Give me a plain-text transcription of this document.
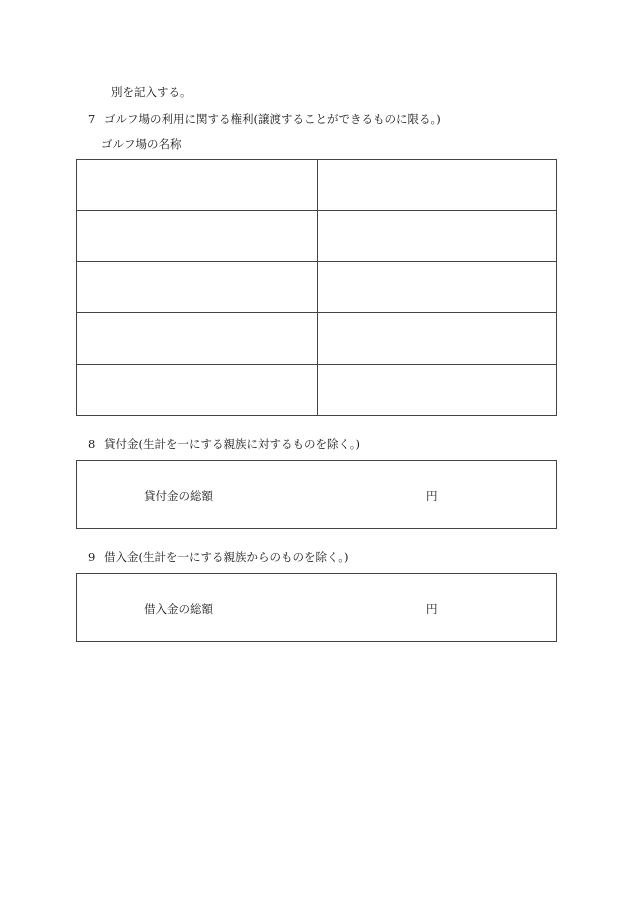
別を記入する。
7 ゴルフ場の利用に関する権利(譲渡することができるものに限る。)
ゴルフ場の名称
8 貸付金(生計を一にする親族に対するものを除く。)
貸付金の総額	円
9 借入金(生計を一にする親族からのものを除く。)
借入金の総額	円
